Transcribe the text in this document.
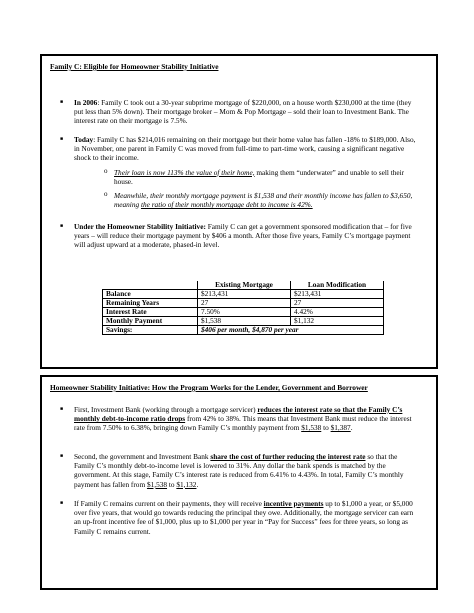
Family C: Eligible for Homeowner Stability Initiative
■ In 2006: Family C took out a 30-year subprime mortgage of $220,000, on a house worth $230,000 at the time (they put less than 5% down). Their mortgage broker – Mom & Pop Mortgage – sold their loan to Investment Bank. The interest rate on their mortgage is 7.5%.
■ Today: Family C has $214,016 remaining on their mortgage but their home value has fallen -18% to $189,000. Also, in November, one parent in Family C was moved from full-time to part-time work, causing a significant negative shock to their income.
o Their loan is now 113% the value of their home, making them “underwater” and unable to sell their house.
o Meanwhile, their monthly mortgage payment is $1,538 and their monthly income has fallen to $3,650, meaning the ratio of their monthly mortgage debt to income is 42%.
■ Under the Homeowner Stability Initiative: Family C can get a government sponsored modification that – for five years – will reduce their mortgage payment by $406 a month. After those five years, Family C’s mortgage payment will adjust upward at a moderate, phased-in level.
	Existing Mortgage	Loan Modification
Balance	$213,431	$213,431
Remaining Years	27	27
Interest Rate	7.50%	4.42%
Monthly Payment	$1,538	$1,132
Savings:	$406 per month, $4,870 per year	
Homeowner Stability Initiative: How the Program Works for the Lender, Government and Borrower
■ First, Investment Bank (working through a mortgage servicer) reduces the interest rate so that the Family C’s monthly debt-to-income ratio drops from 42% to 38%. This means that Investment Bank must reduce the interest rate from 7.50% to 6.38%, bringing down Family C’s monthly payment from $1,538 to $1,387.
■ Second, the government and Investment Bank share the cost of further reducing the interest rate so that the Family C’s monthly debt-to-income level is lowered to 31%. Any dollar the bank spends is matched by the government. At this stage, Family C’s interest rate is reduced from 6.41% to 4.43%. In total, Family C’s monthly payment has fallen from $1,538 to $1,132.
■ If Family C remains current on their payments, they will receive incentive payments up to $1,000 a year, or $5,000 over five years, that would go towards reducing the principal they owe. Additionally, the mortgage servicer can earn an up-front incentive fee of $1,000, plus up to $1,000 per year in “Pay for Success” fees for three years, so long as Family C remains current.
